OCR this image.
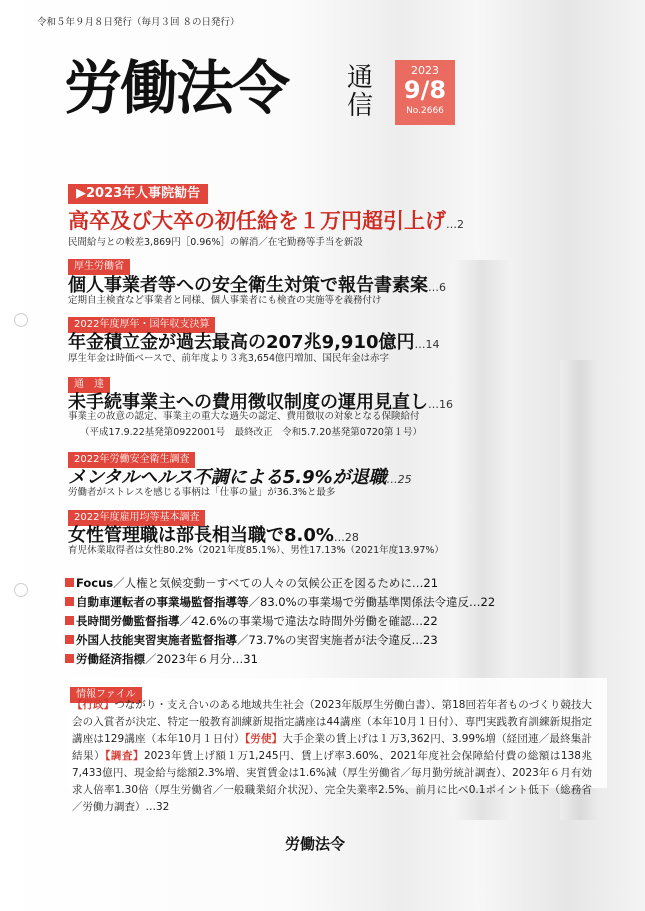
令和５年９月８日発行（毎月３回 ８の日発行）
労働法令 通
信
2023
9/8
No.2666
▶2023年人事院勧告
高卒及び大卒の初任給を１万円超引上げ…2
民間給与との較差3,869円［0.96%］の解消／在宅勤務等手当を新設
厚生労働省
個人事業者等への安全衛生対策で報告書素案…6
定期自主検査など事業者と同様、個人事業者にも検査の実施等を義務付け
2022年度厚年・国年収支決算
年金積立金が過去最高の207兆9,910億円…14
厚生年金は時価ベースで、前年度より３兆3,654億円増加、国民年金は赤字
通　達
未手続事業主への費用徴収制度の運用見直し…16
事業主の故意の認定、事業主の重大な過失の認定、費用徴収の対象となる保険給付
（平成17.9.22基発第0922001号　最終改正　令和5.7.20基発第0720第１号）
2022年労働安全衛生調査
メンタルヘルス不調による5.9%が退職…25
労働者がストレスを感じる事柄は「仕事の量」が36.3%と最多
2022年度雇用均等基本調査
女性管理職は部長相当職で8.0%…28
育児休業取得者は女性80.2%（2021年度85.1%）、男性17.13%（2021年度13.97%）
Focus ／人権と気候変動－すべての人々の気候公正を図るために…21
自動車運転者の事業場監督指導等 ／83.0%の事業場で労働基準関係法令違反…22
長時間労働監督指導 ／42.6%の事業場で違法な時間外労働を確認…22
外国人技能実習実施者監督指導 ／73.7%の実習実施者が法令違反…23
労働経済指標 ／2023年６月分…31
情報ファイル
【行政】つながり・支え合いのある地域共生社会（2023年版厚生労働白書）、第18回若年者ものづくり競技大会の入賞者が決定、特定一般教育訓練新規指定講座は44講座（本年10月１日付）、専門実践教育訓練新規指定講座は129講座（本年10月１日付）【労使】大手企業の賃上げは１万3,362円、3.99%増（経団連／最終集計結果）【調査】2023年賃上げ額１万1,245円、賃上げ率3.60%、2021年度社会保障給付費の総額は138兆7,433億円、現金給与総額2.3%増、実質賃金は1.6%減（厚生労働省／毎月勤労統計調査）、2023年６月有効求人倍率1.30倍（厚生労働省／一般職業紹介状況）、完全失業率2.5%、前月に比べ0.1ポイント低下（総務省／労働力調査）…32
労働法令
